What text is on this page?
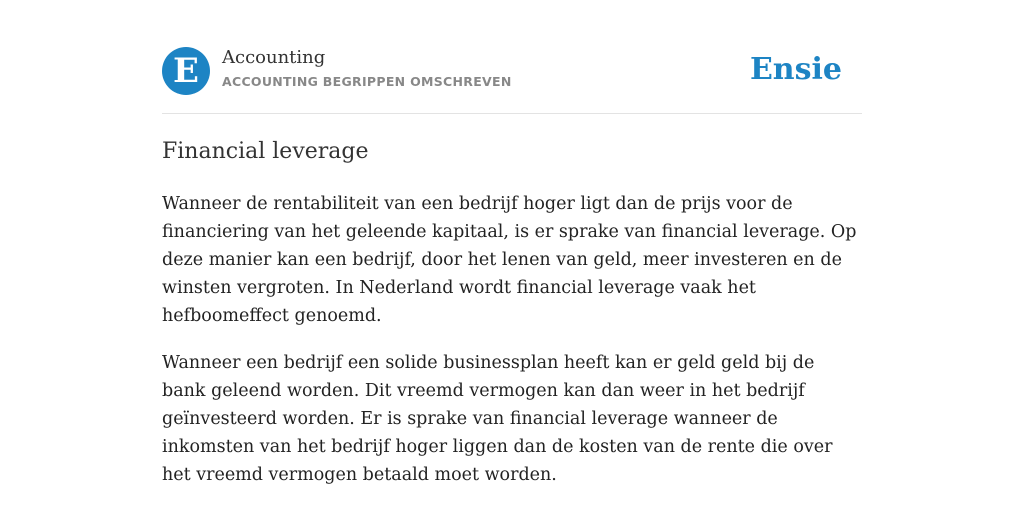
E	Accounting
ACCOUNTING BEGRIPPEN OMSCHREVEN	Ensie
Financial leverage

Wanneer de rentabiliteit van een bedrijf hoger ligt dan de prijs voor de financiering van het geleende kapitaal, is er sprake van financial leverage. Op deze manier kan een bedrijf, door het lenen van geld, meer investeren en de winsten vergroten. In Nederland wordt financial leverage vaak het hefboomeffect genoemd.

Wanneer een bedrijf een solide businessplan heeft kan er geld geld bij de bank geleend worden. Dit vreemd vermogen kan dan weer in het bedrijf geïnvesteerd worden. Er is sprake van financial leverage wanneer de inkomsten van het bedrijf hoger liggen dan de kosten van de rente die over het vreemd vermogen betaald moet worden.
